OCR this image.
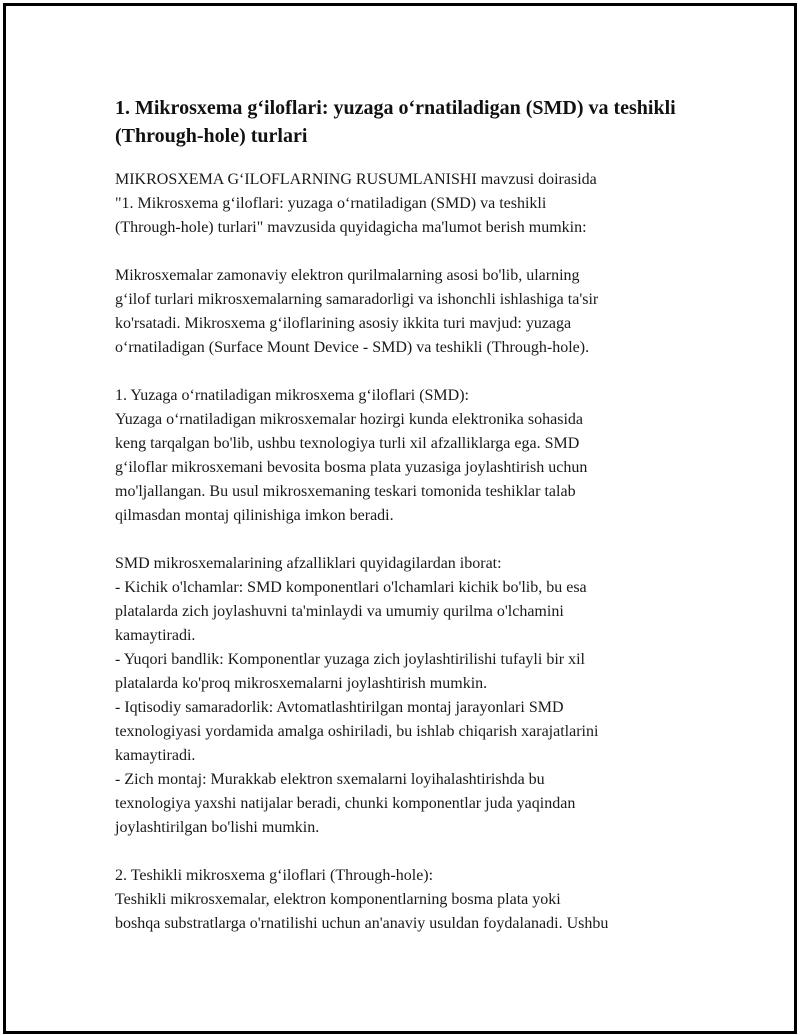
1. Mikrosxema g‘iloflari: yuzaga o‘rnatiladigan (SMD) va teshikli (Through-hole) turlari

MIKROSXEMA G‘ILOFLARNING RUSUMLANISHI mavzusi doirasida
"1. Mikrosxema g‘iloflari: yuzaga o‘rnatiladigan (SMD) va teshikli
(Through-hole) turlari" mavzusida quyidagicha ma'lumot berish mumkin:

Mikrosxemalar zamonaviy elektron qurilmalarning asosi bo'lib, ularning
g‘ilof turlari mikrosxemalarning samaradorligi va ishonchli ishlashiga ta'sir
ko'rsatadi. Mikrosxema g‘iloflarining asosiy ikkita turi mavjud: yuzaga
o‘rnatiladigan (Surface Mount Device - SMD) va teshikli (Through-hole).

1. Yuzaga o‘rnatiladigan mikrosxema g‘iloflari (SMD):
Yuzaga o‘rnatiladigan mikrosxemalar hozirgi kunda elektronika sohasida
keng tarqalgan bo'lib, ushbu texnologiya turli xil afzalliklarga ega. SMD
g‘iloflar mikrosxemani bevosita bosma plata yuzasiga joylashtirish uchun
mo'ljallangan. Bu usul mikrosxemaning teskari tomonida teshiklar talab
qilmasdan montaj qilinishiga imkon beradi.

SMD mikrosxemalarining afzalliklari quyidagilardan iborat:
- Kichik o'lchamlar: SMD komponentlari o'lchamlari kichik bo'lib, bu esa
platalarda zich joylashuvni ta'minlaydi va umumiy qurilma o'lchamini
kamaytiradi.
- Yuqori bandlik: Komponentlar yuzaga zich joylashtirilishi tufayli bir xil
platalarda ko'proq mikrosxemalarni joylashtirish mumkin.
- Iqtisodiy samaradorlik: Avtomatlashtirilgan montaj jarayonlari SMD
texnologiyasi yordamida amalga oshiriladi, bu ishlab chiqarish xarajatlarini
kamaytiradi.
- Zich montaj: Murakkab elektron sxemalarni loyihalashtirishda bu
texnologiya yaxshi natijalar beradi, chunki komponentlar juda yaqindan
joylashtirilgan bo'lishi mumkin.

2. Teshikli mikrosxema g‘iloflari (Through-hole):
Teshikli mikrosxemalar, elektron komponentlarning bosma plata yoki
boshqa substratlarga o'rnatilishi uchun an'anaviy usuldan foydalanadi. Ushbu
